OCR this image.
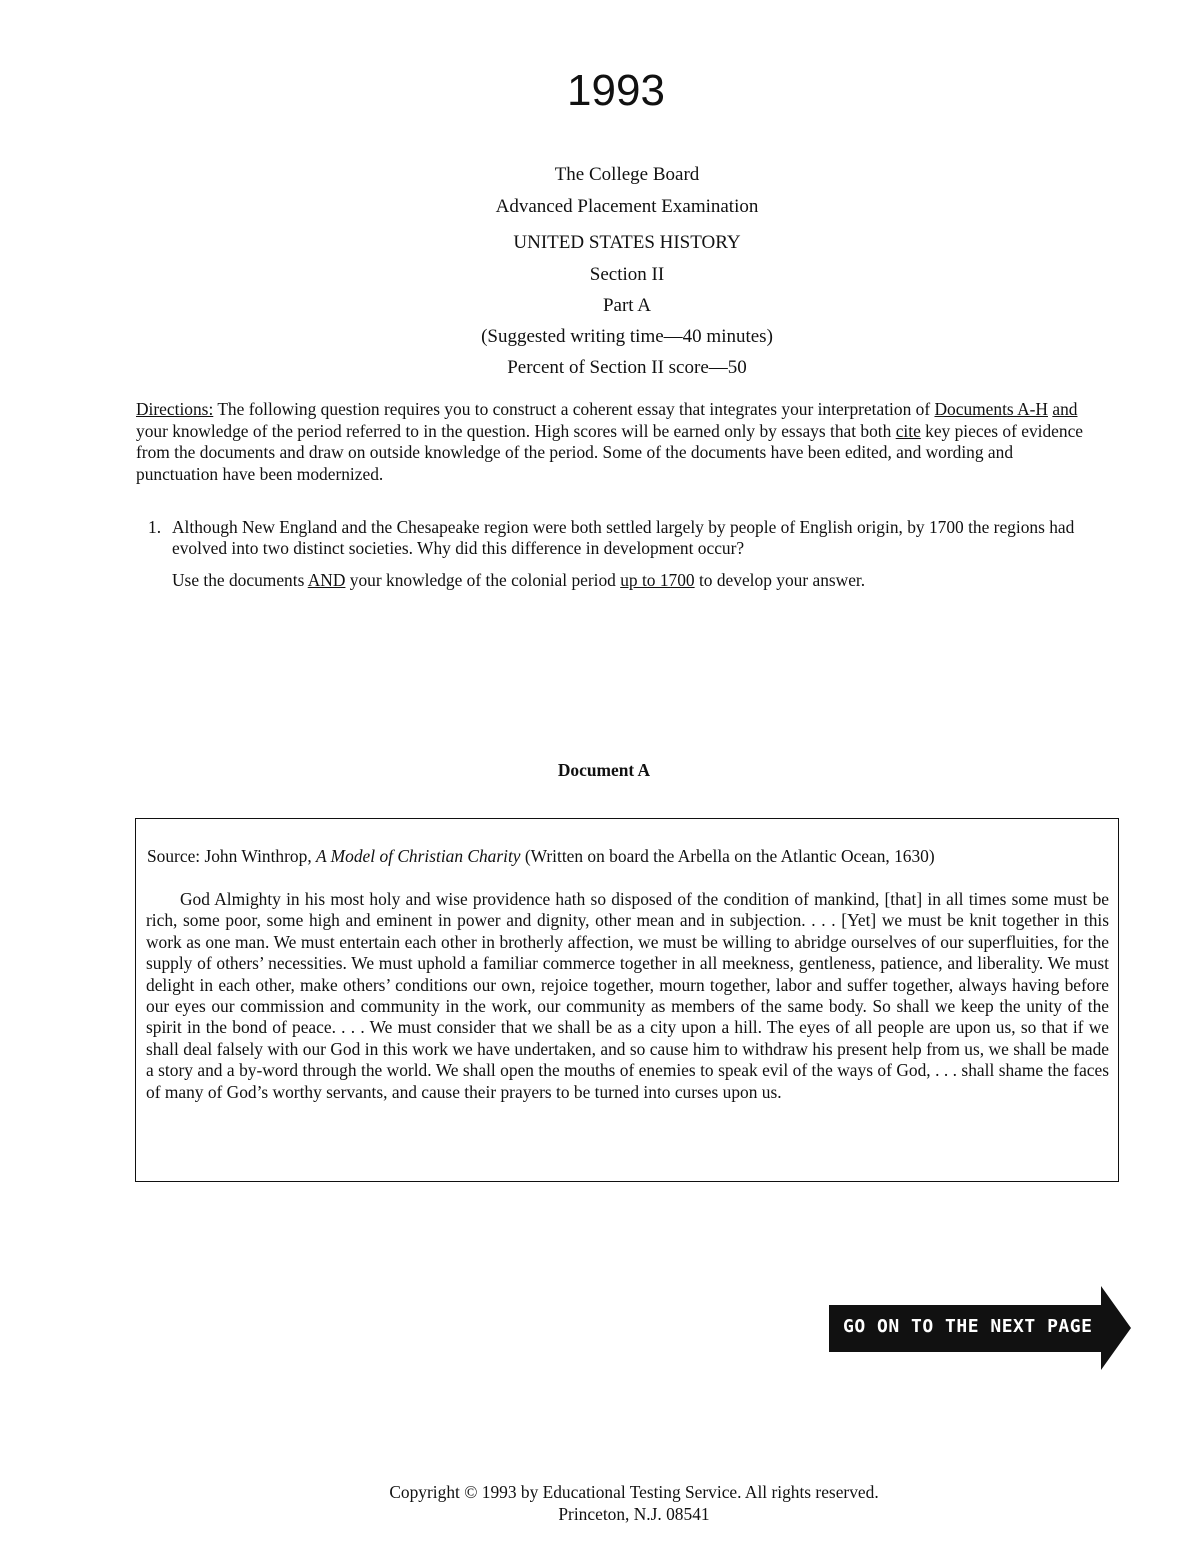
1993
The College Board
Advanced Placement Examination
UNITED STATES HISTORY
Section II
Part A
(Suggested writing time—40 minutes)
Percent of Section II score—50
Directions: The following question requires you to construct a coherent essay that integrates your interpretation of Documents A-H and your knowledge of the period referred to in the question. High scores will be earned only by essays that both cite key pieces of evidence from the documents and draw on outside knowledge of the period. Some of the documents have been edited, and wording and punctuation have been modernized.
1. Although New England and the Chesapeake region were both settled largely by people of English origin, by 1700 the regions had evolved into two distinct societies. Why did this difference in development occur?
Use the documents AND your knowledge of the colonial period up to 1700 to develop your answer.
Document A
Source: John Winthrop, A Model of Christian Charity (Written on board the Arbella on the Atlantic Ocean, 1630)
God Almighty in his most holy and wise providence hath so disposed of the condition of mankind, [that] in all times some must be rich, some poor, some high and eminent in power and dignity, other mean and in subjection. . . . [Yet] we must be knit together in this work as one man. We must entertain each other in brotherly affection, we must be willing to abridge ourselves of our superfluities, for the supply of others’ necessities. We must uphold a familiar commerce together in all meekness, gentleness, patience, and liberality. We must delight in each other, make others’ conditions our own, rejoice together, mourn together, labor and suffer together, always having before our eyes our commission and community in the work, our community as members of the same body. So shall we keep the unity of the spirit in the bond of peace. . . . We must consider that we shall be as a city upon a hill. The eyes of all people are upon us, so that if we shall deal falsely with our God in this work we have undertaken, and so cause him to withdraw his present help from us, we shall be made a story and a by-word through the world. We shall open the mouths of enemies to speak evil of the ways of God, . . . shall shame the faces of many of God’s worthy servants, and cause their prayers to be turned into curses upon us.
GO ON TO THE NEXT PAGE
Copyright © 1993 by Educational Testing Service. All rights reserved.
Princeton, N.J. 08541
